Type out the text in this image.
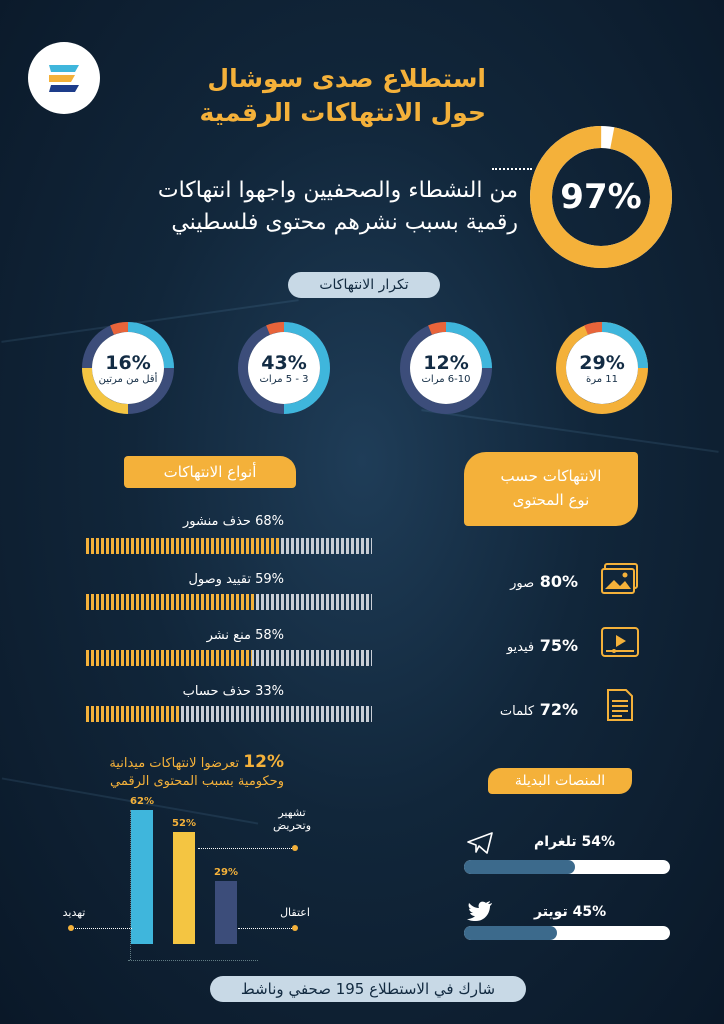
استطلاع صدى سوشال
حول الانتهاكات الرقمية
97%
من النشطاء والصحفيين واجهوا انتهاكات
رقمية بسبب نشرهم محتوى فلسطيني
تكرار الانتهاكات
29%
11 مرة
12%
6-10 مرات
43%
3 - 5 مرات
16%
أقل من مرتين
أنواع الانتهاكات
68% حذف منشور
59% تقييد وصول
58% منع نشر
33% حذف حساب
الانتهاكات حسب
نوع المحتوى
80% صور
75% فيديو
72% كلمات
12% تعرضوا لانتهاكات ميدانية
وحكومية بسبب المحتوى الرقمي
62%
52%
29%
تشهير
وتحريض
اعتقال
تهديد
المنصات البديلة
54% تلغرام
45% تويتر
شارك في الاستطلاع 195 صحفي وناشط
